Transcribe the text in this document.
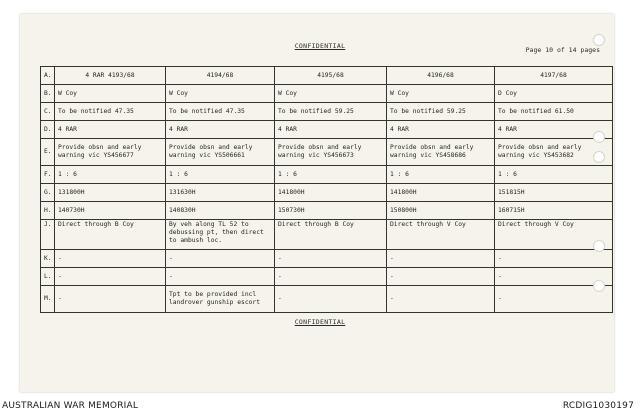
CONFIDENTIAL	Page 10 of 14 pages
A.	4 RAR 4193/68	4194/68	4195/68	4196/68	4197/68
B.	W Coy	W Coy	W Coy	W Coy	D Coy
C.	To be notified 47.35	To be notified 47.35	To be notified 59.25	To be notified 59.25	To be notified 61.50
D.	4 RAR	4 RAR	4 RAR	4 RAR	4 RAR
E.	Provide obsn and early warning vic YS456677	Provide obsn and early warning vic YS506661	Provide obsn and early warning vic YS456673	Provide obsn and early warning vic YS458686	Provide obsn and early warning vic YS453682
F.	1 : 6	1 : 6	1 : 6	1 : 6	1 : 6
G.	131800H	131630H	141800H	141800H	151815H
H.	140730H	140830H	150730H	150800H	160715H
J.	Direct through B Coy	By veh along TL 52 to debussing pt, then direct to ambush loc.	Direct through B Coy	Direct through V Coy	Direct through V Coy
K.	-	-	-	-	-
L.	-	-	-	-	-
M.	-	Tpt to be provided incl landrover gunship escort	-	-	-
CONFIDENTIAL
AUSTRALIAN WAR MEMORIAL	RCDIG1030197
